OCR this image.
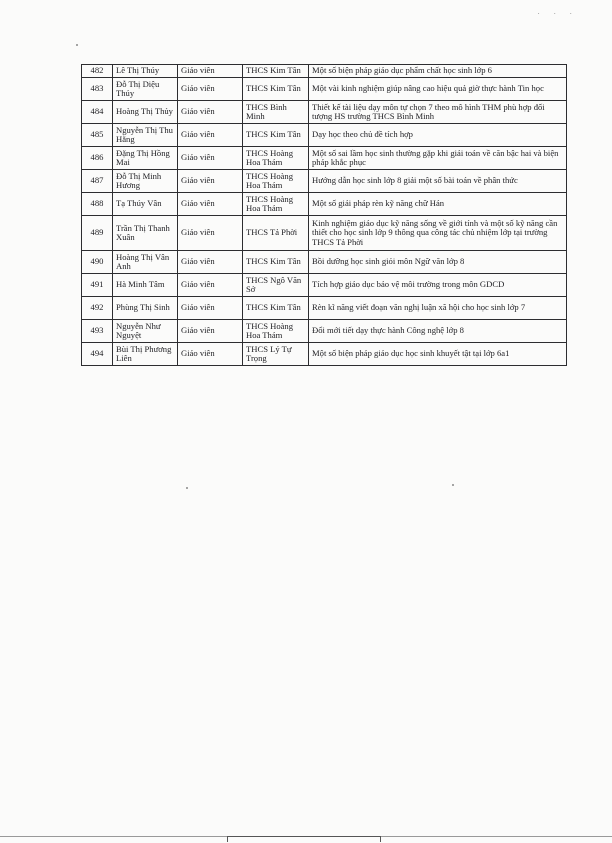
· · ·
482	Lê Thị Thúy	Giáo viên	THCS Kim Tân	Một số biện pháp giáo dục phẩm chất học sinh lớp 6
483	Đỗ Thị Diệu Thúy	Giáo viên	THCS Kim Tân	Một vài kinh nghiệm giúp nâng cao hiệu quả giờ thực hành Tin học
484	Hoàng Thị Thủy	Giáo viên	THCS Bình Minh	Thiết kế tài liệu dạy môn tự chọn 7 theo mô hình THM phù hợp đối tượng HS trường THCS Bình Minh
485	Nguyễn Thị Thu Hằng	Giáo viên	THCS Kim Tân	Dạy học theo chủ đề tích hợp
486	Đặng Thị Hồng Mai	Giáo viên	THCS Hoàng Hoa Thám	Một số sai lầm học sinh thường gặp khi giải toán về căn bậc hai và biện pháp khắc phục
487	Đỗ Thị Minh Hương	Giáo viên	THCS Hoàng Hoa Thám	Hướng dẫn học sinh lớp 8 giải một số bài toán về phân thức
488	Tạ Thúy Vân	Giáo viên	THCS Hoàng Hoa Thám	Một số giải pháp rèn kỹ năng chữ Hán
489	Trần Thị Thanh Xuân	Giáo viên	THCS Tả Phời	Kinh nghiệm giáo dục kỹ năng sống về giới tính và một số kỹ năng cần thiết cho học sinh lớp 9 thông qua công tác chủ nhiệm lớp tại trường THCS Tả Phời
490	Hoàng Thị Vân Anh	Giáo viên	THCS Kim Tân	Bồi dưỡng học sinh giỏi môn Ngữ văn lớp 8
491	Hà Minh Tâm	Giáo viên	THCS Ngô Văn Sở	Tích hợp giáo dục bảo vệ môi trường trong môn GDCD
492	Phùng Thị Sinh	Giáo viên	THCS Kim Tân	Rèn kĩ năng viết đoạn văn nghị luận xã hội cho học sinh lớp 7
493	Nguyễn Như Nguyệt	Giáo viên	THCS Hoàng Hoa Thám	Đổi mới tiết dạy thực hành Công nghệ lớp 8
494	Bùi Thị Phương Liên	Giáo viên	THCS Lý Tự Trọng	Một số biện pháp giáo dục học sinh khuyết tật tại lớp 6a1
